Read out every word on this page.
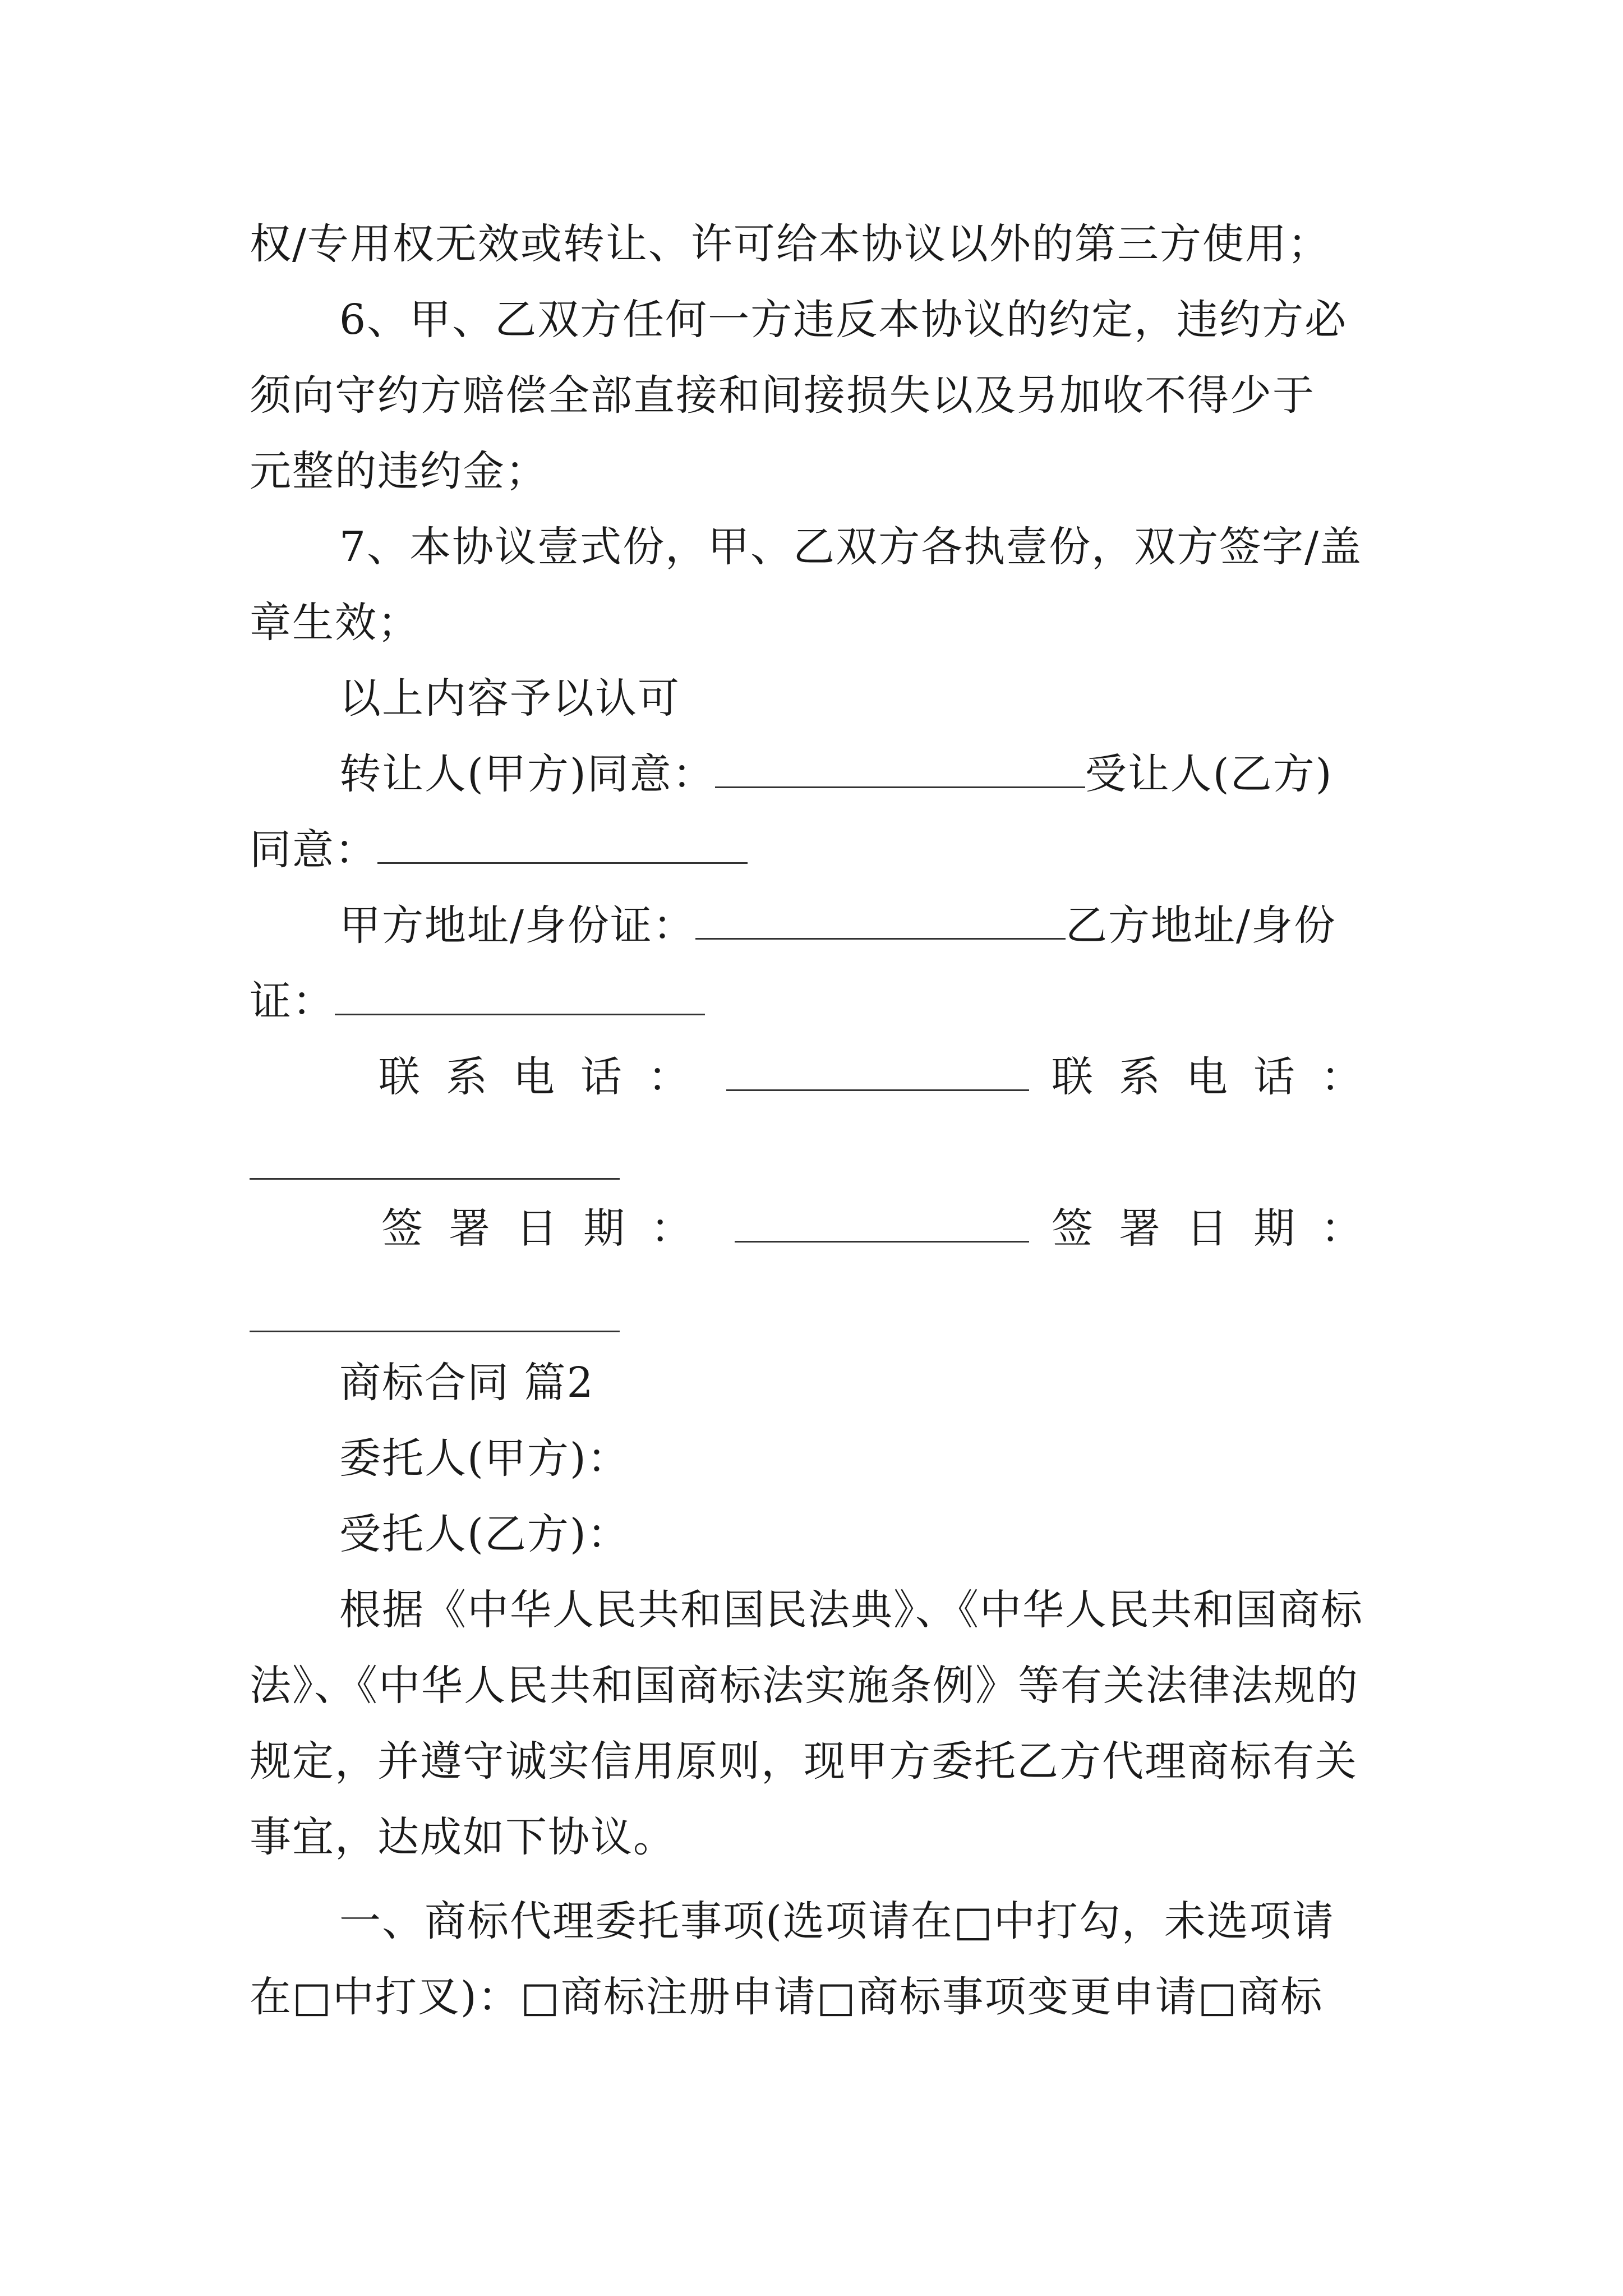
权/专用权无效或转让、许可给本协议以外的第三方使用；
6、甲、乙双方任何一方违反本协议的约定，违约方必
须向守约方赔偿全部直接和间接损失以及另加收不得少于
元整的违约金；
7、本协议壹式份，甲、乙双方各执壹份，双方签字/盖
章生效；
以上内容予以认可
转让人(甲方)同意：	受让人(乙方)
同意：
甲方地址/身份证：	乙方地址/身份
证：
联系电话：	联系电话：
签署日期：	签署日期：
商标合同 篇2
委托人(甲方)：
受托人(乙方)：
根据《中华人民共和国民法典》、《中华人民共和国商标
法》、《中华人民共和国商标法实施条例》等有关法律法规的
规定，并遵守诚实信用原则，现甲方委托乙方代理商标有关
事宜，达成如下协议。
一、商标代理委托事项(选项请在□中打勾，未选项请
在□中打叉)：□商标注册申请□商标事项变更申请□商标
